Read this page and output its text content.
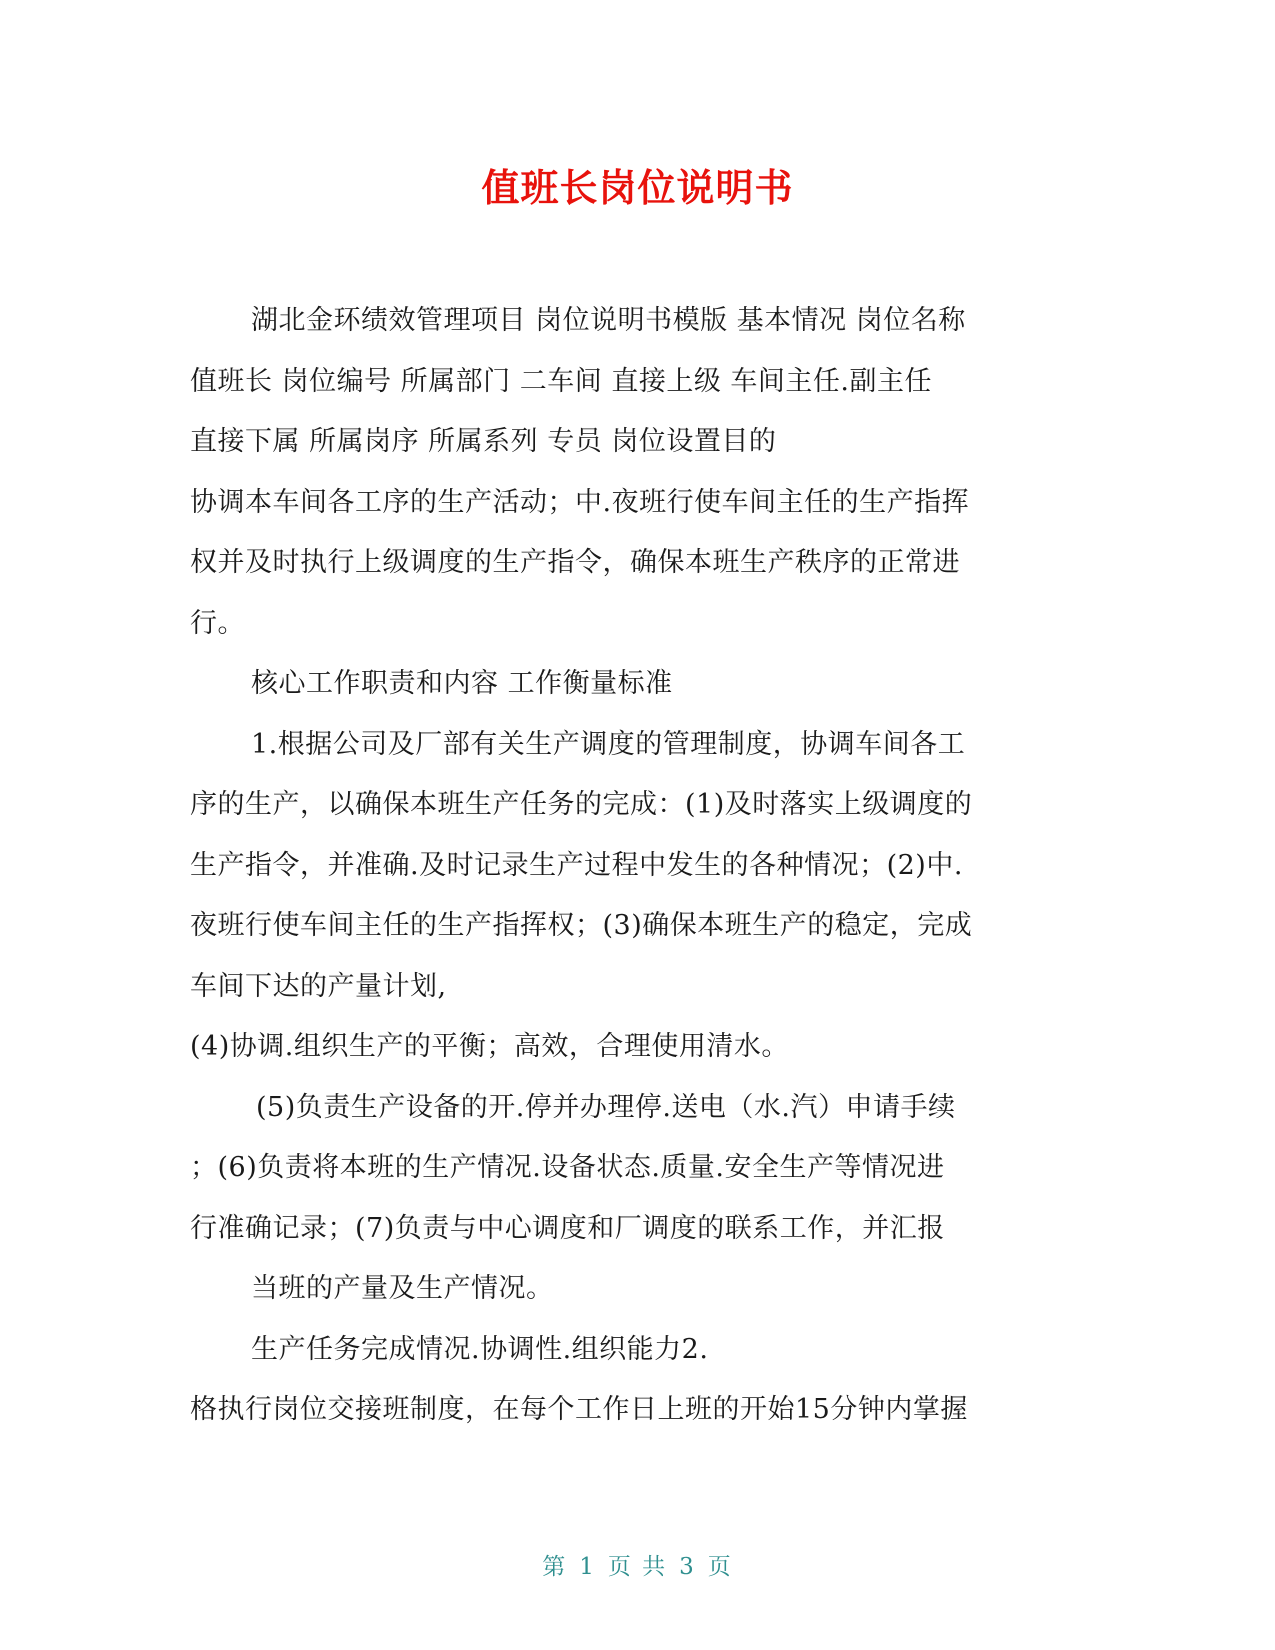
值班长岗位说明书
湖北金环绩效管理项目 岗位说明书模版 基本情况 岗位名称
值班长 岗位编号 所属部门 二车间 直接上级 车间主任.副主任
直接下属 所属岗序 所属系列 专员 岗位设置目的
协调本车间各工序的生产活动；中.夜班行使车间主任的生产指挥
权并及时执行上级调度的生产指令，确保本班生产秩序的正常进
行。
核心工作职责和内容 工作衡量标准
1.根据公司及厂部有关生产调度的管理制度，协调车间各工
序的生产，以确保本班生产任务的完成：(1)及时落实上级调度的
生产指令，并准确.及时记录生产过程中发生的各种情况；(2)中.
夜班行使车间主任的生产指挥权；(3)确保本班生产的稳定，完成
车间下达的产量计划,
(4)协调.组织生产的平衡；高效，合理使用清水。
(5)负责生产设备的开.停并办理停.送电（水.汽）申请手续
；(6)负责将本班的生产情况.设备状态.质量.安全生产等情况进
行准确记录；(7)负责与中心调度和厂调度的联系工作，并汇报
当班的产量及生产情况。
生产任务完成情况.协调性.组织能力2.
格执行岗位交接班制度，在每个工作日上班的开始15分钟内掌握
第 1 页 共 3 页
